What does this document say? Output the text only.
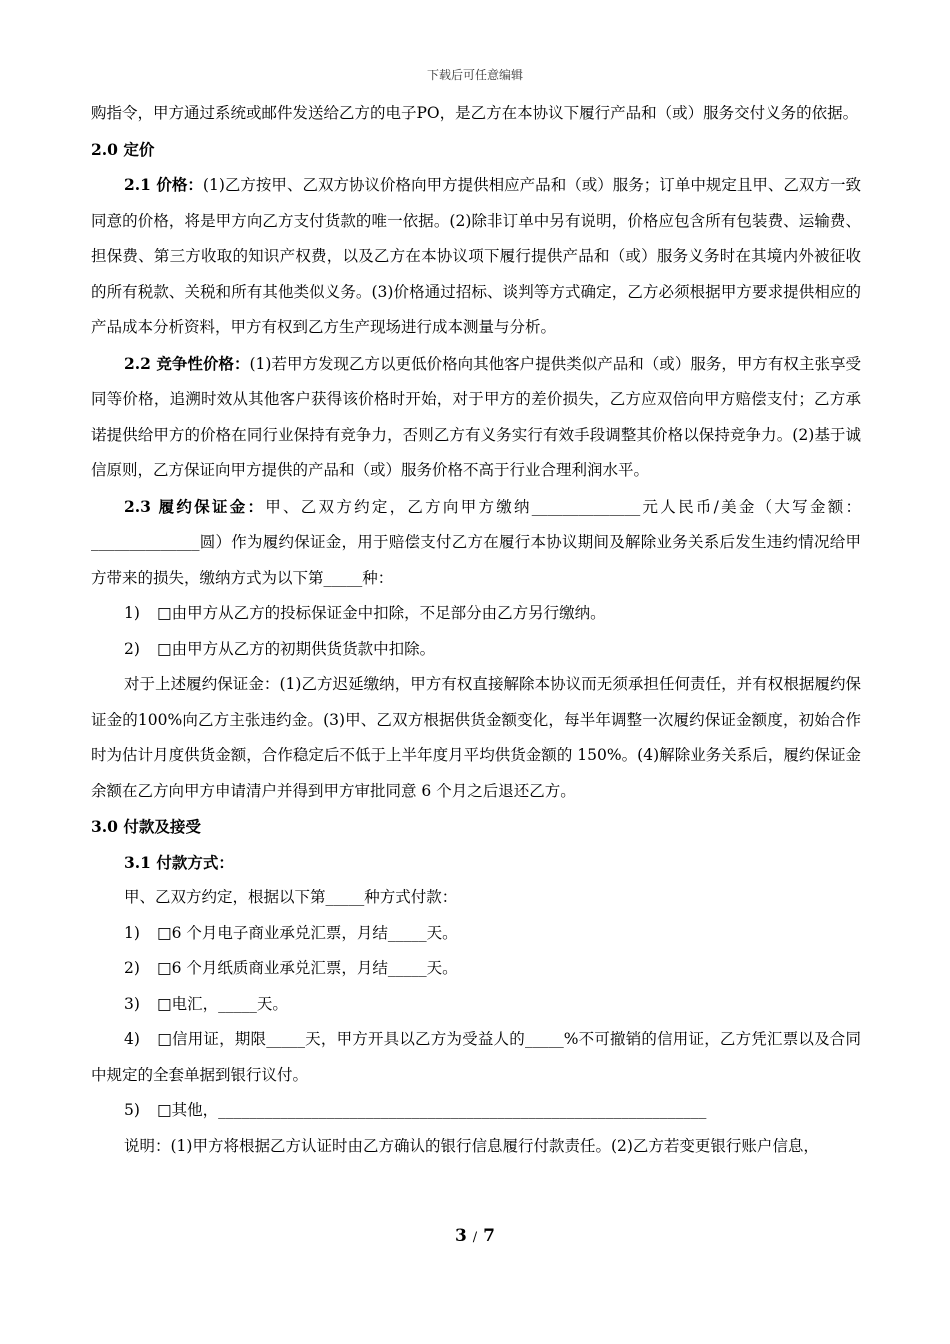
下载后可任意编辑

购指令，甲方通过系统或邮件发送给乙方的电子PO，是乙方在本协议下履行产品和（或）服务交付义务的依据。

2.0 定价

2.1 价格：(1)乙方按甲、乙双方协议价格向甲方提供相应产品和（或）服务；订单中规定且甲、乙双方一致同意的价格，将是甲方向乙方支付货款的唯一依据。(2)除非订单中另有说明，价格应包含所有包装费、运输费、担保费、第三方收取的知识产权费，以及乙方在本协议项下履行提供产品和（或）服务义务时在其境内外被征收的所有税款、关税和所有其他类似义务。(3)价格通过招标、谈判等方式确定，乙方必须根据甲方要求提供相应的产品成本分析资料，甲方有权到乙方生产现场进行成本测量与分析。

2.2 竞争性价格：(1)若甲方发现乙方以更低价格向其他客户提供类似产品和（或）服务，甲方有权主张享受同等价格，追溯时效从其他客户获得该价格时开始，对于甲方的差价损失，乙方应双倍向甲方赔偿支付；乙方承诺提供给甲方的价格在同行业保持有竞争力，否则乙方有义务实行有效手段调整其价格以保持竞争力。(2)基于诚信原则，乙方保证向甲方提供的产品和（或）服务价格不高于行业合理利润水平。

2.3 履约保证金：甲、乙双方约定，乙方向甲方缴纳______________元人民币/美金（大写金额：______________圆）作为履约保证金，用于赔偿支付乙方在履行本协议期间及解除业务关系后发生违约情况给甲方带来的损失，缴纳方式为以下第_____种：

1) □由甲方从乙方的投标保证金中扣除，不足部分由乙方另行缴纳。

2) □由甲方从乙方的初期供货货款中扣除。

对于上述履约保证金：(1)乙方迟延缴纳，甲方有权直接解除本协议而无须承担任何责任，并有权根据履约保证金的100%向乙方主张违约金。(3)甲、乙双方根据供货金额变化，每半年调整一次履约保证金额度，初始合作时为估计月度供货金额，合作稳定后不低于上半年度月平均供货金额的 150%。(4)解除业务关系后，履约保证金余额在乙方向甲方申请清户并得到甲方审批同意 6 个月之后退还乙方。

3.0 付款及接受

3.1 付款方式：

甲、乙双方约定，根据以下第_____种方式付款：

1) □6 个月电子商业承兑汇票，月结_____天。

2) □6 个月纸质商业承兑汇票，月结_____天。

3) □电汇，_____天。

4) □信用证，期限_____天，甲方开具以乙方为受益人的_____%不可撤销的信用证，乙方凭汇票以及合同中规定的全套单据到银行议付。

5) □其他，_______________________________________________________________

说明：(1)甲方将根据乙方认证时由乙方确认的银行信息履行付款责任。(2)乙方若变更银行账户信息，

3 / 7
